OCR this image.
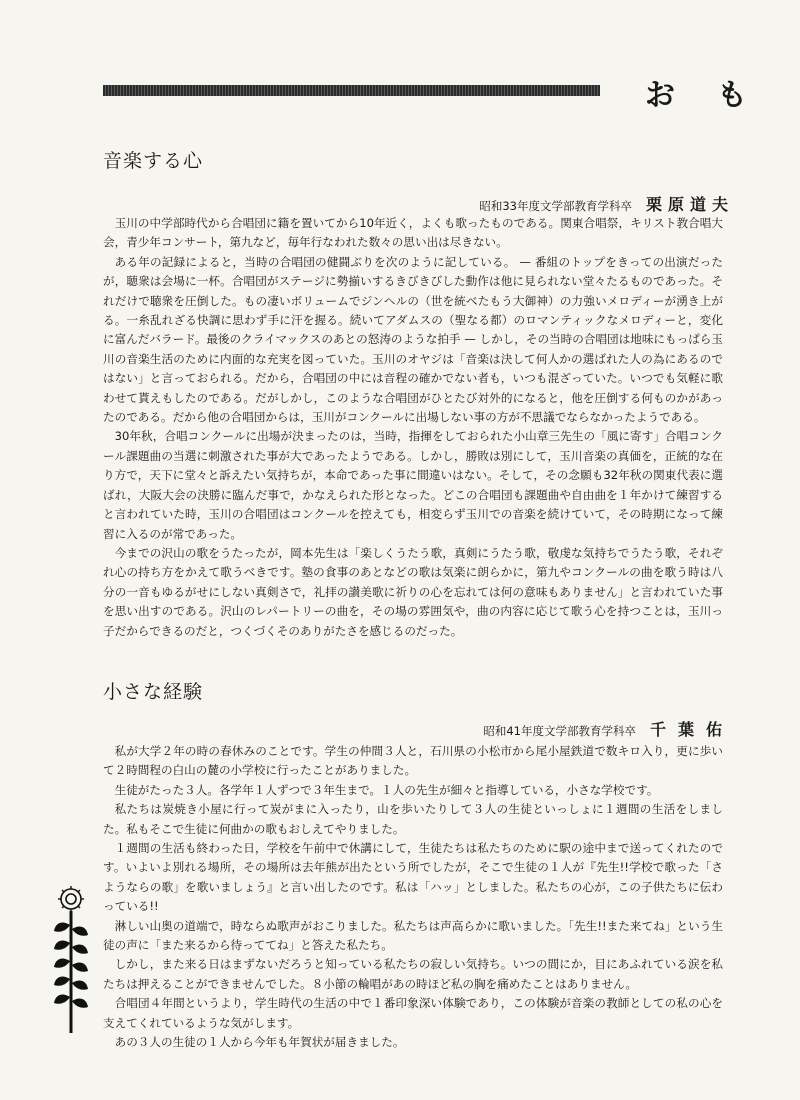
おも
音楽する心
昭和33年度文学部教育学科卒 栗原道夫

玉川の中学部時代から合唱団に籍を置いてから10年近く，よくも歌ったものである。関東合唱祭，キリスト教合唱大会，青少年コンサート，第九など，毎年行なわれた数々の思い出は尽きない。

ある年の記録によると，当時の合唱団の健闘ぶりを次のように記している。 — 番組のトップをきっての出演だったが，聴衆は会場に一杯。合唱団がステージに勢揃いするきびきびした動作は他に見られない堂々たるものであった。それだけで聴衆を圧倒した。もの凄いボリュームでジンヘルの（世を統べたもう大御神）の力強いメロディーが湧き上がる。一糸乱れざる快調に思わず手に汗を握る。続いてアダムスの（聖なる都）のロマンティックなメロディーと，変化に富んだバラード。最後のクライマックスのあとの怒涛のような拍手 — しかし，その当時の合唱団は地味にもっぱら玉川の音楽生活のために内面的な充実を図っていた。玉川のオヤジは「音楽は決して何人かの選ばれた人の為にあるのではない」と言っておられる。だから，合唱団の中には音程の確かでない者も，いつも混ざっていた。いつでも気軽に歌わせて貰えもしたのである。だがしかし，このような合唱団がひとたび対外的になると，他を圧倒する何ものかがあったのである。だから他の合唱団からは，玉川がコンクールに出場しない事の方が不思議でならなかったようである。

30年秋，合唱コンクールに出場が決まったのは，当時，指揮をしておられた小山章三先生の「風に寄す」合唱コンクール課題曲の当選に刺激された事が大であったようである。しかし，勝敗は別にして，玉川音楽の真価を，正統的な在り方で，天下に堂々と訴えたい気持ちが，本命であった事に間違いはない。そして，その念願も32年秋の関東代表に選ばれ，大阪大会の決勝に臨んだ事で，かなえられた形となった。どこの合唱団も課題曲や自由曲を１年かけて練習すると言われていた時，玉川の合唱団はコンクールを控えても，相変らず玉川での音楽を続けていて，その時期になって練習に入るのが常であった。

今までの沢山の歌をうたったが，岡本先生は「楽しくうたう歌，真剣にうたう歌，敬虔な気持ちでうたう歌，それぞれ心の持ち方をかえて歌うべきです。塾の食事のあとなどの歌は気楽に朗らかに，第九やコンクールの曲を歌う時は八分の一音もゆるがせにしない真剣さで，礼拝の讃美歌に祈りの心を忘れては何の意味もありません」と言われていた事を思い出すのである。沢山のレパートリーの曲を，その場の雰囲気や，曲の内容に応じて歌う心を持つことは，玉川っ子だからできるのだと，つくづくそのありがたさを感じるのだった。

小さな経験
昭和41年度文学部教育学科卒 千葉佑

私が大学２年の時の春休みのことです。学生の仲間３人と，石川県の小松市から尾小屋鉄道で数キロ入り，更に歩いて２時間程の白山の麓の小学校に行ったことがありました。

生徒がたった３人。各学年１人ずつで３年生まで。１人の先生が細々と指導している，小さな学校です。

私たちは炭焼き小屋に行って炭がまに入ったり，山を歩いたりして３人の生徒といっしょに１週間の生活をしました。私もそこで生徒に何曲かの歌もおしえてやりました。

１週間の生活も終わった日，学校を午前中で休講にして，生徒たちは私たちのために駅の途中まで送ってくれたのです。いよいよ別れる場所，その場所は去年熊が出たという所でしたが，そこで生徒の１人が『先生!!学校で歌った「さようならの歌」を歌いましょう』と言い出したのです。私は「ハッ」としました。私たちの心が，この子供たちに伝わっている!!

淋しい山奥の道端で，時ならぬ歌声がおこりました。私たちは声高らかに歌いました。「先生!!また来てね」という生徒の声に「また来るから待っててね」と答えた私たち。

しかし，また来る日はまずないだろうと知っている私たちの寂しい気持ち。いつの間にか，目にあふれている涙を私たちは押えることができませんでした。８小節の輪唱があの時ほど私の胸を痛めたことはありません。

合唱団４年間というより，学生時代の生活の中で１番印象深い体験であり，この体験が音楽の教師としての私の心を支えてくれているような気がします。

あの３人の生徒の１人から今年も年賀状が届きました。
